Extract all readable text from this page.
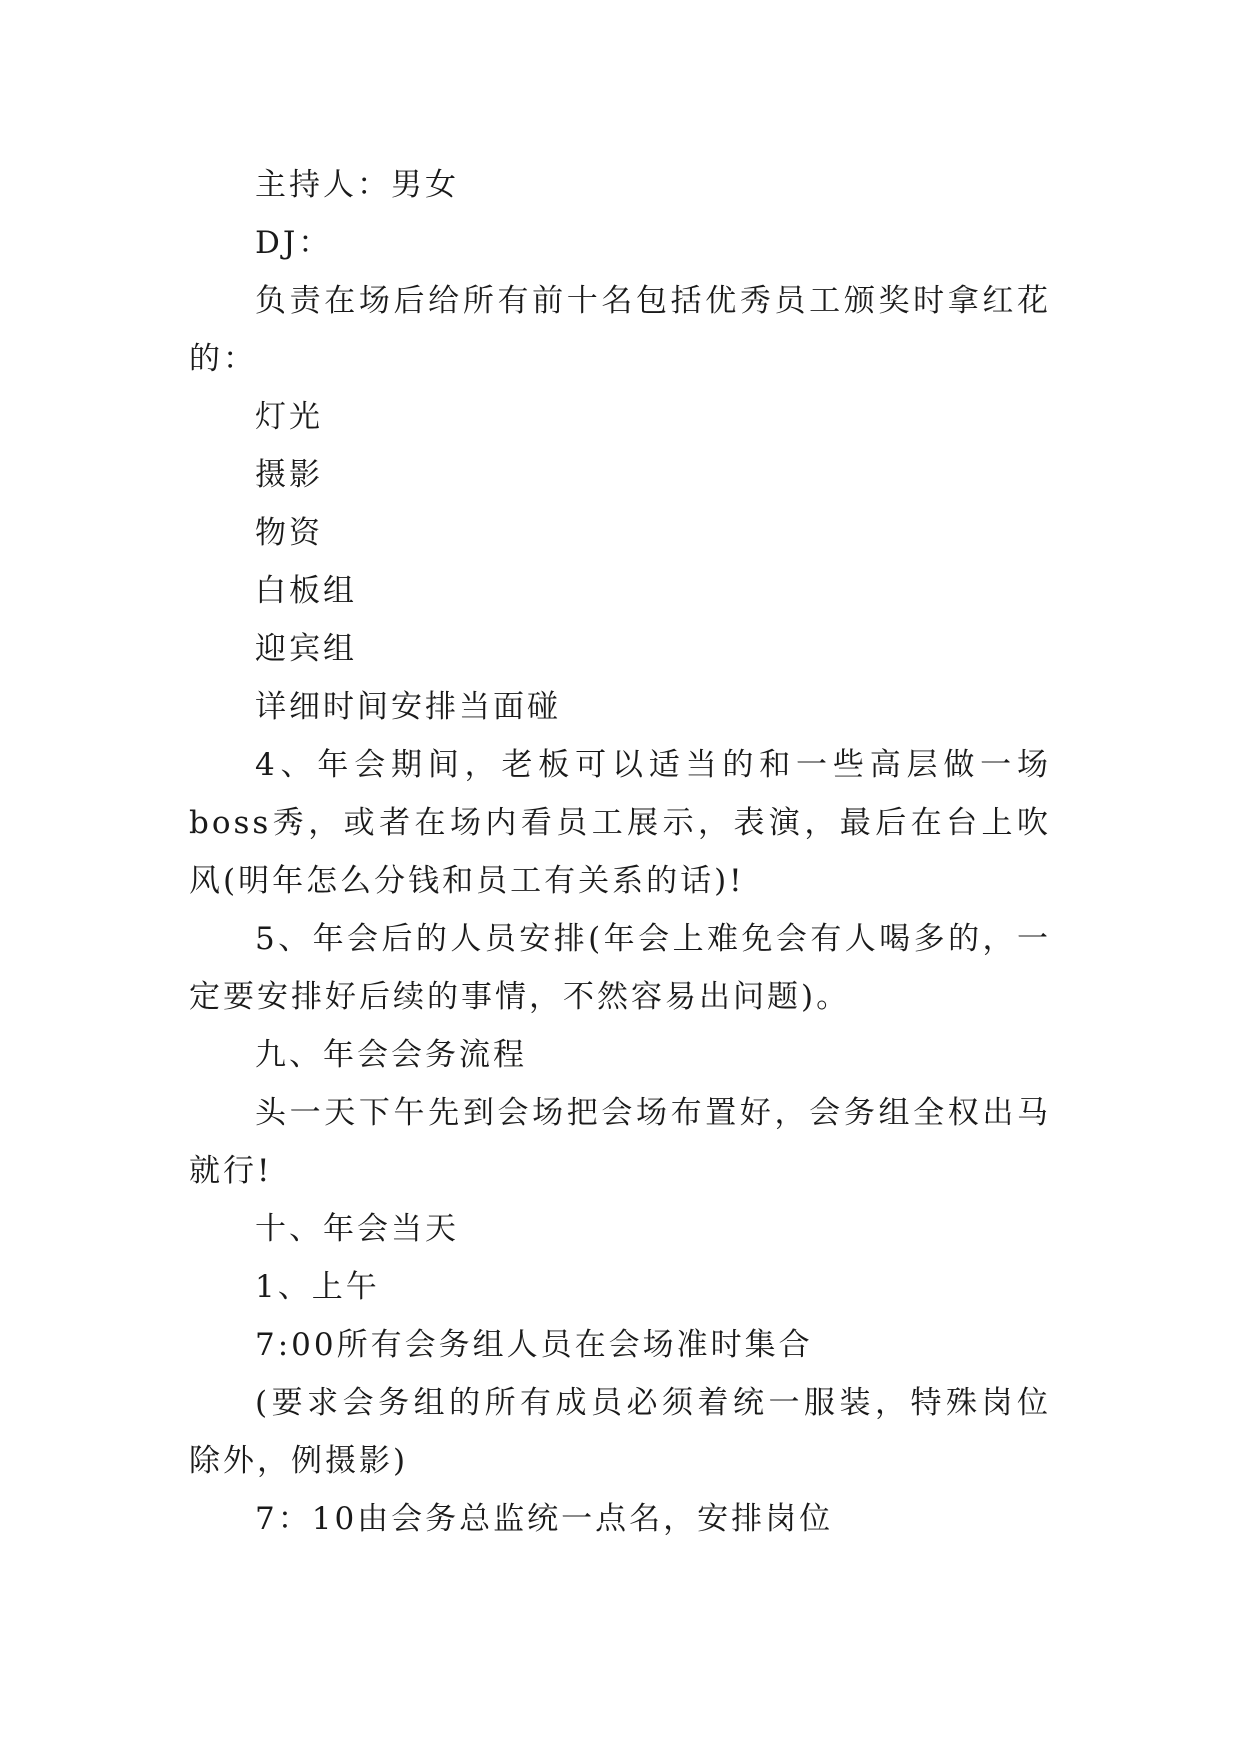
主持人：男女

DJ：

负责在场后给所有前十名包括优秀员工颁奖时拿红花的：

灯光

摄影

物资

白板组

迎宾组

详细时间安排当面碰

4、年会期间，老板可以适当的和一些高层做一场boss秀，或者在场内看员工展示，表演，最后在台上吹风(明年怎么分钱和员工有关系的话)!

5、年会后的人员安排(年会上难免会有人喝多的，一定要安排好后续的事情，不然容易出问题)。

九、年会会务流程

头一天下午先到会场把会场布置好，会务组全权出马就行!

十、年会当天

1、上午

7:00所有会务组人员在会场准时集合

(要求会务组的所有成员必须着统一服装，特殊岗位除外，例摄影)

7：10由会务总监统一点名，安排岗位
